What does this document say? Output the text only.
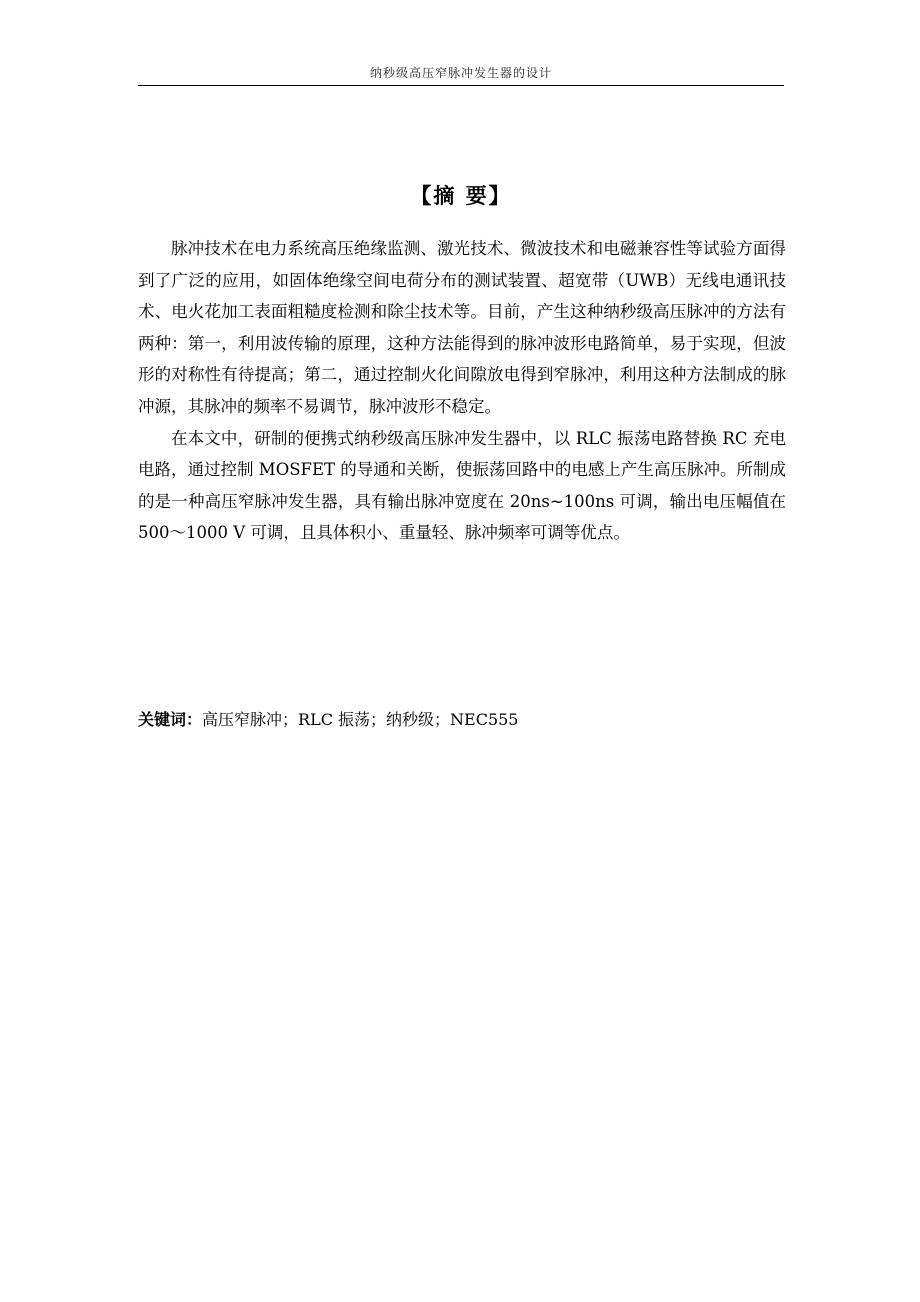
纳秒级高压窄脉冲发生器的设计
【摘 要】

脉冲技术在电力系统高压绝缘监测、激光技术、微波技术和电磁兼容性等试验方面得到了广泛的应用，如固体绝缘空间电荷分布的测试装置、超宽带（UWB）无线电通讯技术、电火花加工表面粗糙度检测和除尘技术等。目前，产生这种纳秒级高压脉冲的方法有两种：第一，利用波传输的原理，这种方法能得到的脉冲波形电路简单，易于实现，但波形的对称性有待提高；第二，通过控制火化间隙放电得到窄脉冲，利用这种方法制成的脉冲源，其脉冲的频率不易调节，脉冲波形不稳定。

在本文中，研制的便携式纳秒级高压脉冲发生器中，以 RLC 振荡电路替换 RC 充电电路，通过控制 MOSFET 的导通和关断，使振荡回路中的电感上产生高压脉冲。所制成的是一种高压窄脉冲发生器，具有输出脉冲宽度在 20ns~100ns 可调，输出电压幅值在 500～1000 V 可调，且具体积小、重量轻、脉冲频率可调等优点。

关键词：高压窄脉冲；RLC 振荡；纳秒级；NEC555
